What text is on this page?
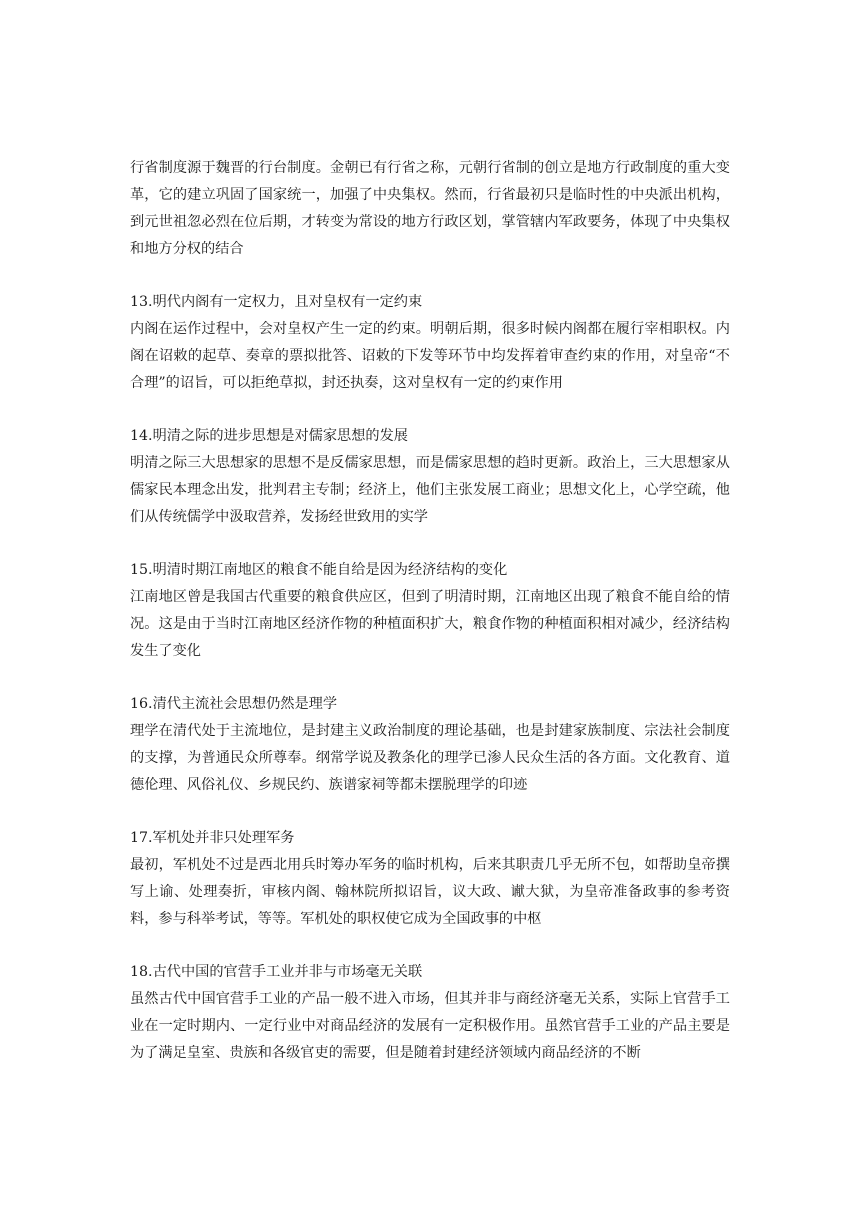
行省制度源于魏晋的行台制度。金朝已有行省之称，元朝行省制的创立是地方行政制度的重大变革，它的建立巩固了国家统一，加强了中央集权。然而，行省最初只是临时性的中央派出机构，到元世祖忽必烈在位后期，才转变为常设的地方行政区划，掌管辖内军政要务，体现了中央集权和地方分权的结合

13.明代内阁有一定权力，且对皇权有一定约束

内阁在运作过程中，会对皇权产生一定的约束。明朝后期，很多时候内阁都在履行宰相职权。内阁在诏敕的起草、奏章的票拟批答、诏敕的下发等环节中均发挥着审查约束的作用，对皇帝“不合理”的诏旨，可以拒绝草拟，封还执奏，这对皇权有一定的约束作用

14.明清之际的进步思想是对儒家思想的发展

明清之际三大思想家的思想不是反儒家思想，而是儒家思想的趋时更新。政治上，三大思想家从儒家民本理念出发，批判君主专制；经济上，他们主张发展工商业；思想文化上，心学空疏，他们从传统儒学中汲取营养，发扬经世致用的实学

15.明清时期江南地区的粮食不能自给是因为经济结构的变化

江南地区曾是我国古代重要的粮食供应区，但到了明清时期，江南地区出现了粮食不能自给的情况。这是由于当时江南地区经济作物的种植面积扩大，粮食作物的种植面积相对减少，经济结构发生了变化

16.清代主流社会思想仍然是理学

理学在清代处于主流地位，是封建主义政治制度的理论基础，也是封建家族制度、宗法社会制度的支撑，为普通民众所尊奉。纲常学说及教条化的理学已渗人民众生活的各方面。文化教育、道德伦理、风俗礼仪、乡规民约、族谱家祠等都未摆脱理学的印迹

17.军机处并非只处理军务

最初，军机处不过是西北用兵时筹办军务的临时机构，后来其职责几乎无所不包，如帮助皇帝撰写上谕、处理奏折，审核内阁、翰林院所拟诏旨，议大政、谳大狱，为皇帝准备政事的参考资料，参与科举考试，等等。军机处的职权使它成为全国政事的中枢

18.古代中国的官营手工业并非与市场毫无关联

虽然古代中国官营手工业的产品一般不进入市场，但其并非与商经济毫无关系，实际上官营手工业在一定时期内、一定行业中对商品经济的发展有一定积极作用。虽然官营手工业的产品主要是为了满足皇室、贵族和各级官吏的需要，但是随着封建经济领域内商品经济的不断
